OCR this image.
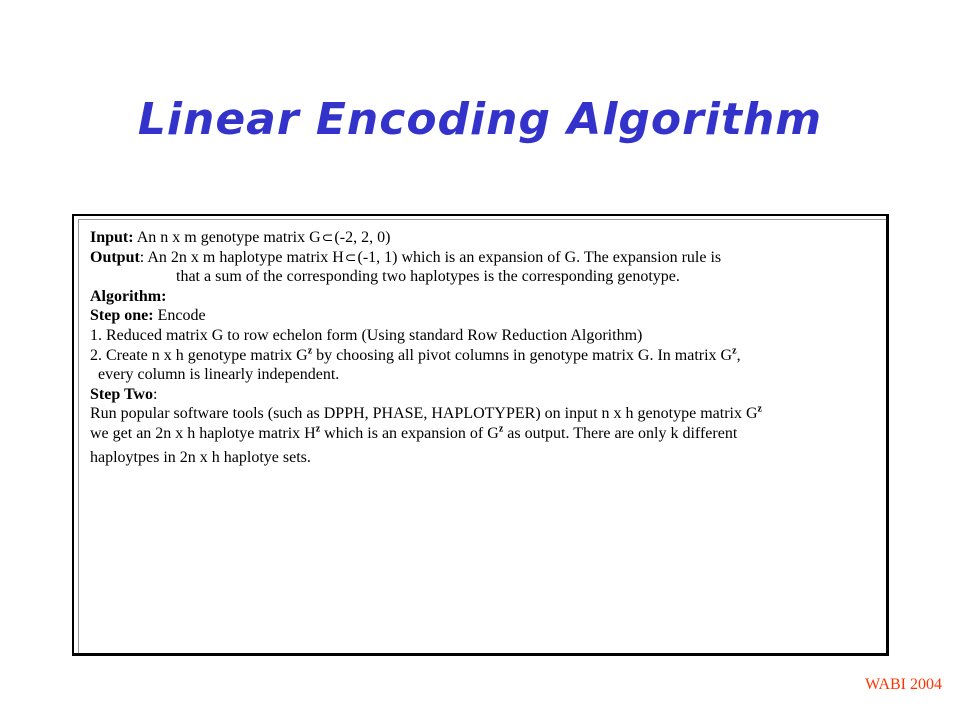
Linear Encoding Algorithm
Input: An n x m genotype matrix G⊂(-2, 2, 0)
Output: An 2n x m haplotype matrix H⊂(-1, 1) which is an expansion of G. The expansion rule is
that a sum of the corresponding two haplotypes is the corresponding genotype.
Algorithm:
Step one: Encode
1. Reduced matrix G to row echelon form (Using standard Row Reduction Algorithm)
2. Create n x h genotype matrix $G^z$ by choosing all pivot columns in genotype matrix G. In matrix $G^z$,
every column is linearly independent.
Step Two:
Run popular software tools (such as DPPH, PHASE, HAPLOTYPER) on input n x h genotype matrix $G^z$
we get an 2n x h haplotye matrix $H^z$ which is an expansion of $G^z$ as output. There are only k different
haploytpes in 2n x h haplotye sets.
WABI 2004
